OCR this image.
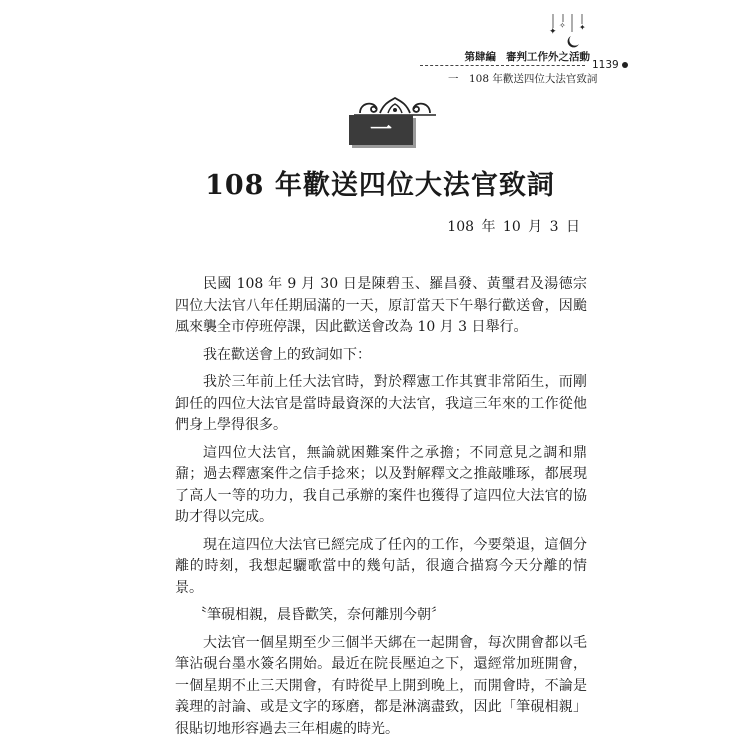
✦
✧ ✦
第肆編 審判工作外之活動
1139
一　 108 年歡送四位大法官致詞
一
108 年歡送四位大法官致詞
108 年 10 月 3 日

民國 108 年 9 月 30 日是陳碧玉、羅昌發、黃璽君及湯德宗四位大法官八年任期屆滿的一天，原訂當天下午舉行歡送會，因颱風來襲全市停班停課，因此歡送會改為 10 月 3 日舉行。

我在歡送會上的致詞如下：

我於三年前上任大法官時，對於釋憲工作其實非常陌生，而剛卸任的四位大法官是當時最資深的大法官，我這三年來的工作從他們身上學得很多。

這四位大法官，無論就困難案件之承擔；不同意見之調和鼎鼐；過去釋憲案件之信手捻來；以及對解釋文之推敲雕琢，都展現了高人一等的功力，我自己承辦的案件也獲得了這四位大法官的協助才得以完成。

現在這四位大法官已經完成了任內的工作，今要榮退，這個分離的時刻，我想起驪歌當中的幾句話，很適合描寫今天分離的情景。

〝筆硯相親，晨昏歡笑，奈何離別今朝〞

大法官一個星期至少三個半天綁在一起開會，每次開會都以毛筆沾硯台墨水簽名開始。最近在院長壓迫之下，還經常加班開會，一個星期不止三天開會，有時從早上開到晚上，而開會時，不論是義理的討論、或是文字的琢磨，都是淋漓盡致，因此「筆硯相親」很貼切地形容過去三年相處的時光。
